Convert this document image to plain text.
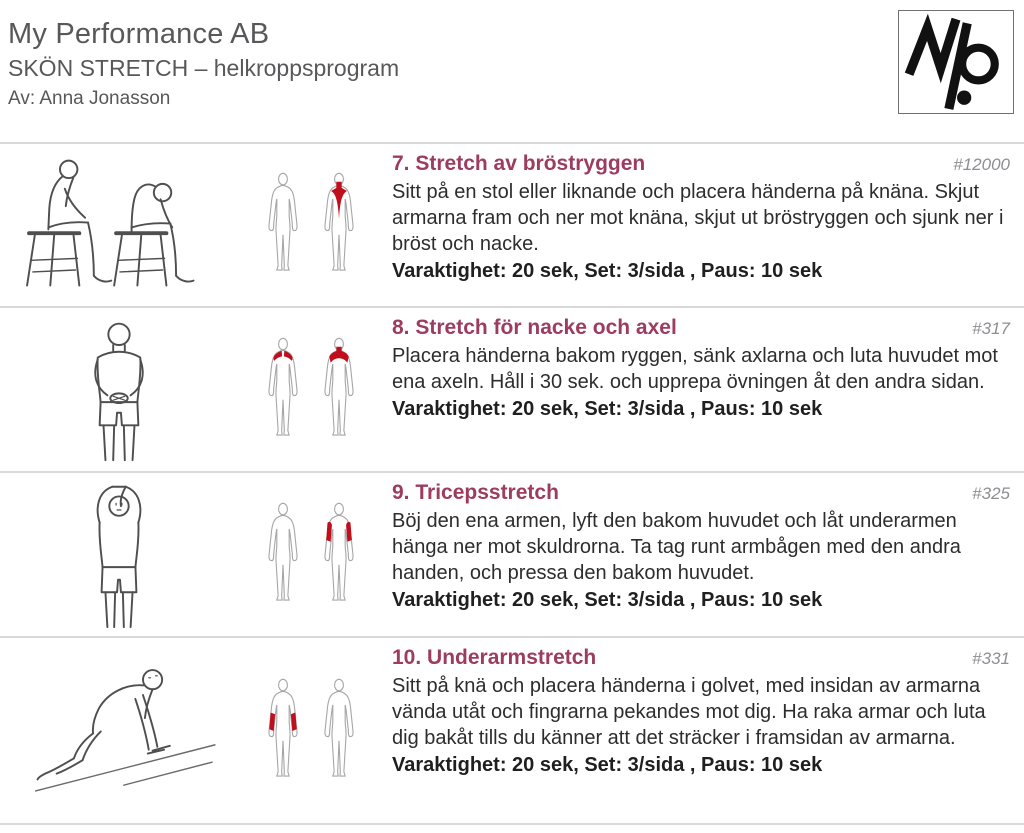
My Performance AB
SKÖN STRETCH – helkroppsprogram
Av: Anna Jonasson
7. Stretch av bröstryggen	#12000
Sitt på en stol eller liknande och placera händerna på knäna. Skjut armarna fram och ner mot knäna, skjut ut bröstryggen och sjunk ner i bröst och nacke.
Varaktighet: 20 sek, Set: 3/sida , Paus: 10 sek
8. Stretch för nacke och axel	#317
Placera händerna bakom ryggen, sänk axlarna och luta huvudet mot ena axeln. Håll i 30 sek. och upprepa övningen åt den andra sidan.
Varaktighet: 20 sek, Set: 3/sida , Paus: 10 sek
9. Tricepsstretch	#325
Böj den ena armen, lyft den bakom huvudet och låt underarmen hänga ner mot skuldrorna. Ta tag runt armbågen med den andra handen, och pressa den bakom huvudet.
Varaktighet: 20 sek, Set: 3/sida , Paus: 10 sek
10. Underarmstretch	#331
Sitt på knä och placera händerna i golvet, med insidan av armarna vända utåt och fingrarna pekandes mot dig. Ha raka armar och luta dig bakåt tills du känner att det sträcker i framsidan av armarna.
Varaktighet: 20 sek, Set: 3/sida , Paus: 10 sek
